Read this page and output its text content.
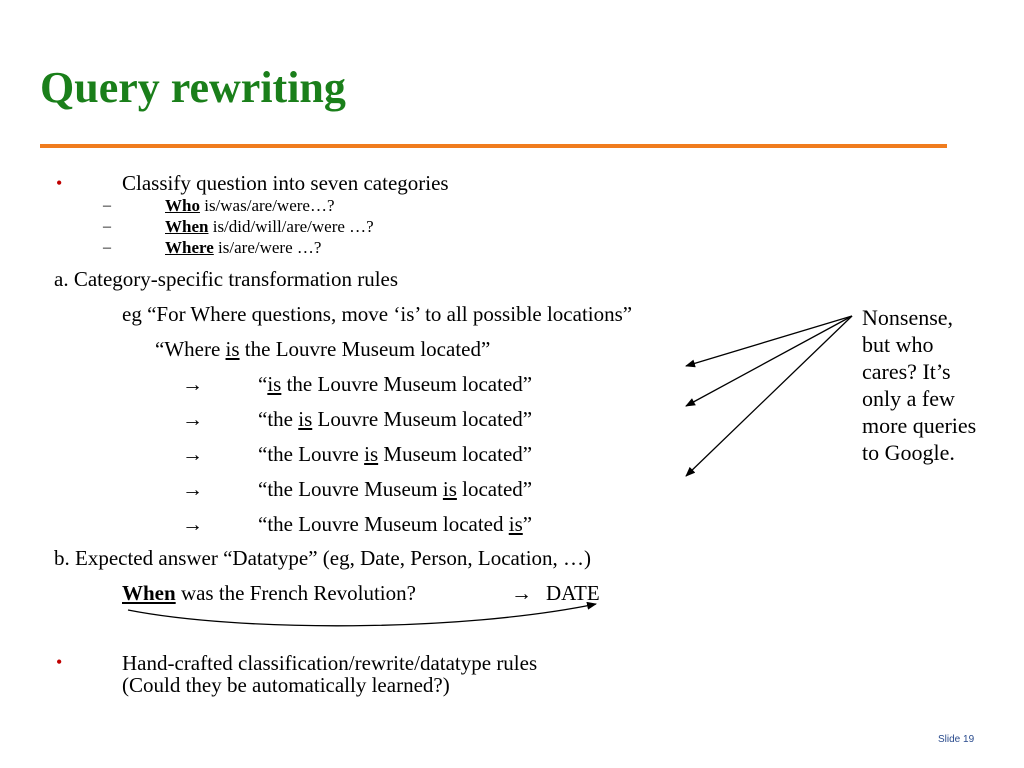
Query rewriting
•	Classify question into seven categories
–	Who is/was/are/were…?
–	When is/did/will/are/were …?
–	Where is/are/were …?
a. Category-specific transformation rules
eg “For Where questions, move ‘is’ to all possible locations”
“Where is the Louvre Museum located”
→	“is the Louvre Museum located”
→	“the is Louvre Museum located”
→	“the Louvre is Museum located”
→	“the Louvre Museum is located”
→	“the Louvre Museum located is”
b. Expected answer “Datatype” (eg, Date, Person, Location, …)
When was the French Revolution?	→ DATE
•	Hand-crafted classification/rewrite/datatype rules
(Could they be automatically learned?)
Nonsense,
but who
cares? It’s
only a few
more queries
to Google.
Slide 19
